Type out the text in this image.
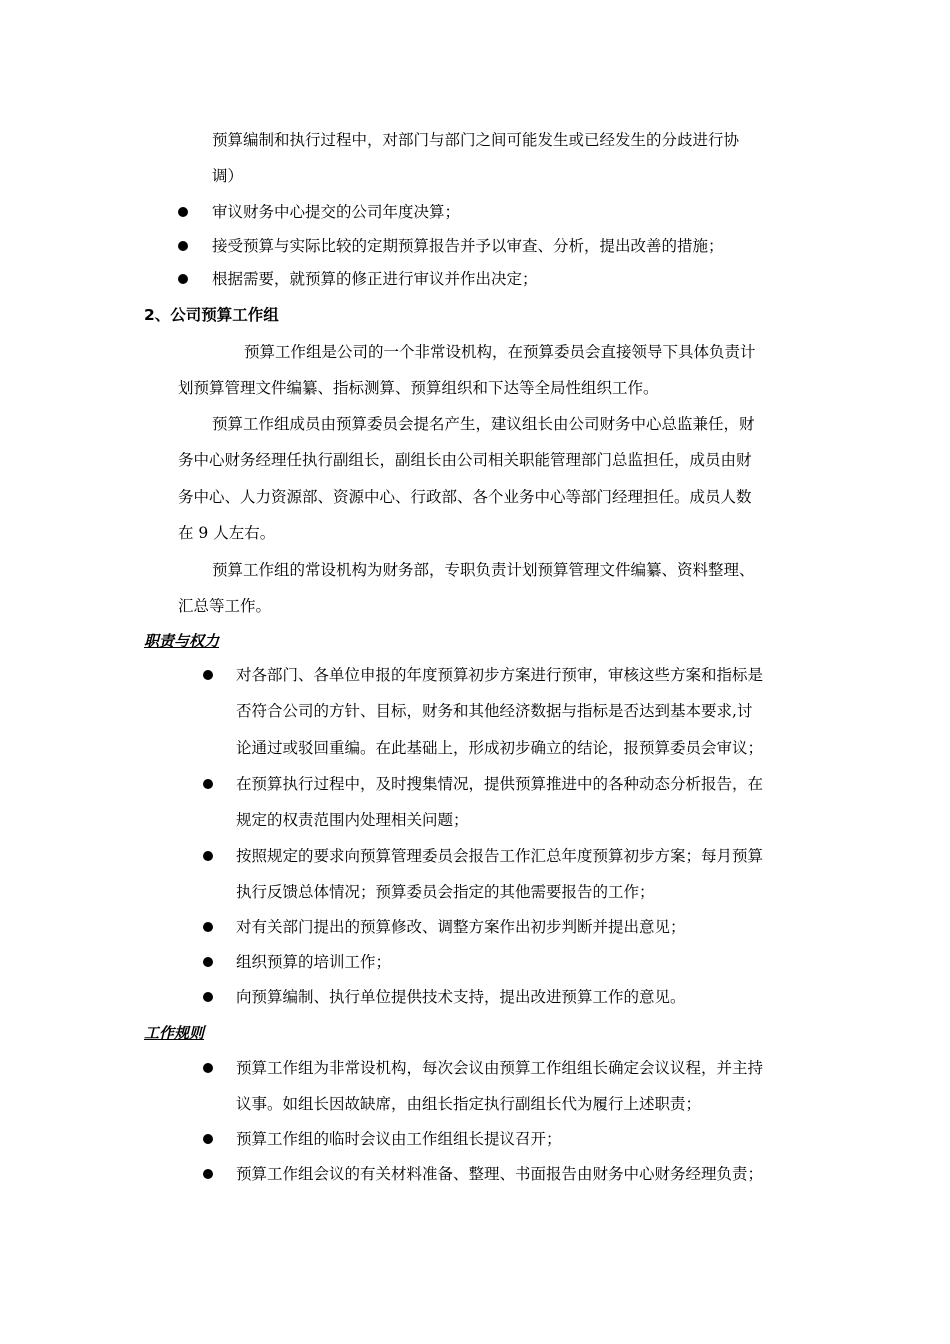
预算编制和执行过程中，对部门与部门之间可能发生或已经发生的分歧进行协
调）
审议财务中心提交的公司年度决算；
接受预算与实际比较的定期预算报告并予以审查、分析，提出改善的措施；
根据需要，就预算的修正进行审议并作出决定；
2、公司预算工作组
预算工作组是公司的一个非常设机构，在预算委员会直接领导下具体负责计
划预算管理文件编纂、指标测算、预算组织和下达等全局性组织工作。
预算工作组成员由预算委员会提名产生，建议组长由公司财务中心总监兼任，财
务中心财务经理任执行副组长，副组长由公司相关职能管理部门总监担任，成员由财
务中心、人力资源部、资源中心、行政部、各个业务中心等部门经理担任。成员人数
在 9 人左右。
预算工作组的常设机构为财务部，专职负责计划预算管理文件编纂、资料整理、
汇总等工作。
职责与权力
对各部门、各单位申报的年度预算初步方案进行预审，审核这些方案和指标是
否符合公司的方针、目标，财务和其他经济数据与指标是否达到基本要求,讨
论通过或驳回重编。在此基础上，形成初步确立的结论，报预算委员会审议；
在预算执行过程中，及时搜集情况，提供预算推进中的各种动态分析报告，在
规定的权责范围内处理相关问题；
按照规定的要求向预算管理委员会报告工作汇总年度预算初步方案；每月预算
执行反馈总体情况；预算委员会指定的其他需要报告的工作；
对有关部门提出的预算修改、调整方案作出初步判断并提出意见；
组织预算的培训工作；
向预算编制、执行单位提供技术支持，提出改进预算工作的意见。
工作规则
预算工作组为非常设机构，每次会议由预算工作组组长确定会议议程，并主持
议事。如组长因故缺席，由组长指定执行副组长代为履行上述职责；
预算工作组的临时会议由工作组组长提议召开；
预算工作组会议的有关材料准备、整理、书面报告由财务中心财务经理负责；
